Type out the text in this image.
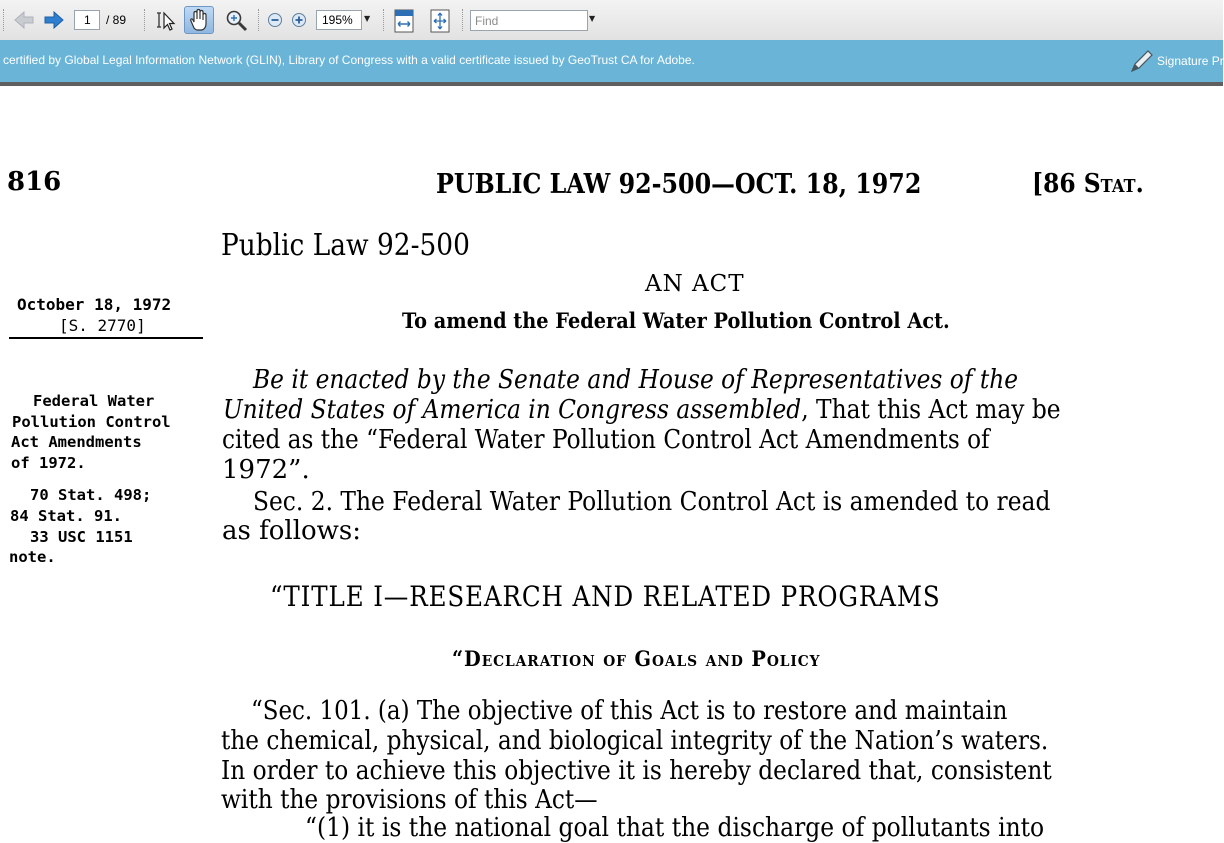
1	/ 89	195%	▼	Find	▼
certified by Global Legal Information Network (GLIN), Library of Congress with a valid certificate issued by GeoTrust CA for Adobe.	Signature Pr
816	PUBLIC LAW 92-500—OCT. 18, 1972	[86 Stat.
Public Law 92-500
AN ACT
To amend the Federal Water Pollution Control Act.
October 18, 1972
[S. 2770]
Federal Water
Pollution Control
Act Amendments
of 1972.
70 Stat. 498;
84 Stat. 91.
33 USC 1151
note.
Be it enacted by the Senate and House of Representatives of the
United States of America in Congress assembled, That this Act may be
cited as the “Federal Water Pollution Control Act Amendments of
1972”.
Sec. 2. The Federal Water Pollution Control Act is amended to read
as follows:
“TITLE I—RESEARCH AND RELATED PROGRAMS
“Declaration of Goals and Policy
“Sec. 101. (a) The objective of this Act is to restore and maintain
the chemical, physical, and biological integrity of the Nation’s waters.
In order to achieve this objective it is hereby declared that, consistent
with the provisions of this Act—
“(1) it is the national goal that the discharge of pollutants into
